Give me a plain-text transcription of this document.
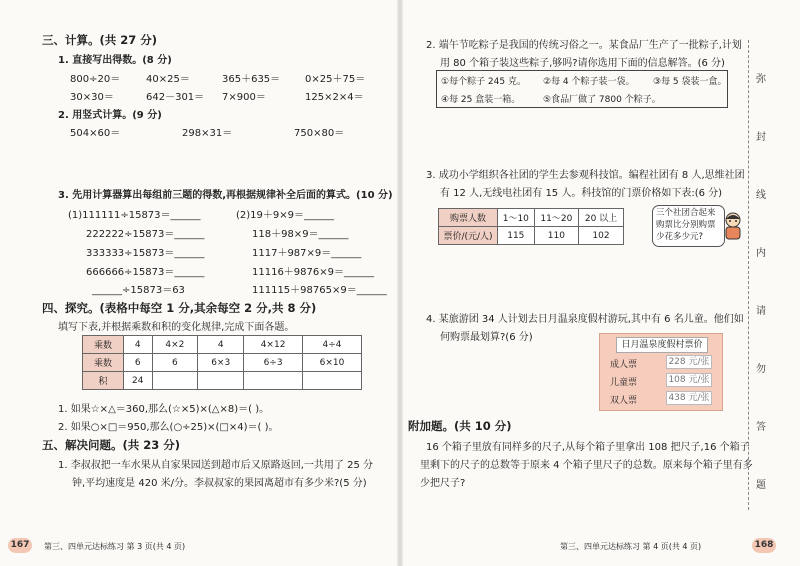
三、计算。(共 27 分)
1. 直接写出得数。(8 分)
800÷20＝	40×25＝	365＋635＝ 0×25＋75＝
30×30＝	642－301＝ 7×900＝	125×2×4＝
2. 用竖式计算。(9 分)
504×60＝	298×31＝	750×80＝
3. 先用计算器算出每组前三题的得数,再根据规律补全后面的算式。(10 分)
(1)111111÷15873＝______
222222÷15873＝______
333333÷15873＝______
666666÷15873＝______
______÷15873＝63
(2)19＋9×9＝______
118＋98×9＝______
1117＋987×9＝______
11116＋9876×9＝______
111115＋98765×9＝______
四、探究。(表格中每空 1 分,其余每空 2 分,共 8 分)
填写下表,并根据乘数和积的变化规律,完成下面各题。
乘数	4	4×2	4	4×12	4÷4
乘数	6	6	6×3	6÷3	6×10
积	24				
1. 如果☆×△＝360,那么(☆×5)×(△×8)＝( )。
2. 如果○×□＝950,那么(○÷25)×(□×4)＝( )。
五、解决问题。(共 23 分)
1. 李叔叔把一车水果从自家果园送到超市后又原路返回,一共用了 25 分
钟,平均速度是 420 米/分。李叔叔家的果园离超市有多少米?(5 分)
167	第三、四单元达标练习 第 3 页(共 4 页)
2. 端午节吃粽子是我国的传统习俗之一。某食品厂生产了一批粽子,计划
用 80 个箱子装这些粽子,够吗?请你选用下面的信息解答。(6 分)
①每个粽子 245 克。 ②每 4 个粽子装一袋。 ③每 5 袋装一盒。
④每 25 盒装一箱。	⑤食品厂做了 7800 个粽子。
3. 成功小学组织各社团的学生去参观科技馆。编程社团有 8 人,思维社团
有 12 人,无线电社团有 15 人。科技馆的门票价格如下表:(6 分)
购票人数	1～10	11～20	20 以上
票价/(元/人)	115	110	102
三个社团合起来
购票比分别购票
少花多少元?
4. 某旅游团 34 人计划去日月温泉度假村游玩,其中有 6 名儿童。他们如
何购票最划算?(6 分)
日月温泉度假村票价
成人票	228 元/张
儿童票	108 元/张
双人票	438 元/张
附加题。(共 10 分)
16 个箱子里放有同样多的尺子,从每个箱子里拿出 108 把尺子,16 个箱子
里剩下的尺子的总数等于原来 4 个箱子里尺子的总数。原来每个箱子里有多
少把尺子?
第三、四单元达标练习 第 4 页(共 4 页)	168
弥
封
线
内
请
勿
答
题
